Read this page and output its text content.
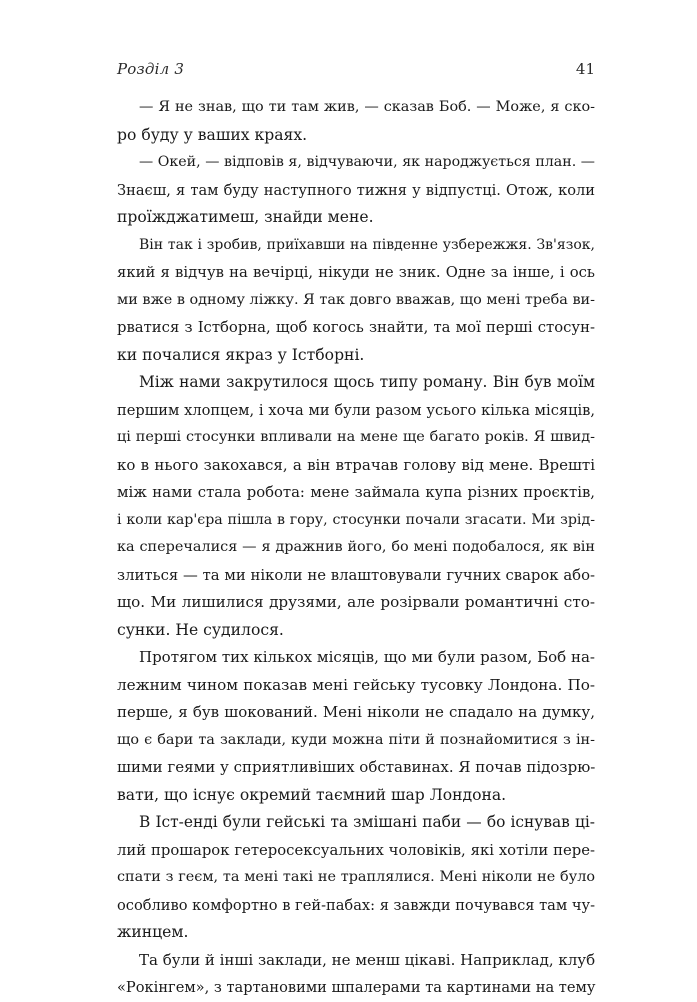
Розділ 3	41
— Я не знав, що ти там жив, — сказав Боб. — Може, я ско-
ро буду у ваших краях.
— Окей, — відповів я, відчуваючи, як народжується план. —
Знаєш, я там буду наступного тижня у відпустці. Отож, коли
проїжджатимеш, знайди мене.
Він так і зробив, приїхавши на південне узбережжя. Зв'язок,
який я відчув на вечірці, нікуди не зник. Одне за інше, і ось
ми вже в одному ліжку. Я так довго вважав, що мені треба ви-
рватися з Істборна, щоб когось знайти, та мої перші стосун-
ки почалися якраз у Істборні.
Між нами закрутилося щось типу роману. Він був моїм
першим хлопцем, і хоча ми були разом усього кілька місяців,
ці перші стосунки впливали на мене ще багато років. Я швид-
ко в нього закохався, а він втрачав голову від мене. Врешті
між нами стала робота: мене займала купа різних проєктів,
і коли кар'єра пішла в гору, стосунки почали згасати. Ми зрід-
ка сперечалися — я дражнив його, бо мені подобалося, як він
злиться — та ми ніколи не влаштовували гучних сварок або-
що. Ми лишилися друзями, але розірвали романтичні сто-
сунки. Не судилося.
Протягом тих кількох місяців, що ми були разом, Боб на-
лежним чином показав мені гейську тусовку Лондона. По-
перше, я був шокований. Мені ніколи не спадало на думку,
що є бари та заклади, куди можна піти й познайомитися з ін-
шими геями у сприятливіших обставинах. Я почав підозрю-
вати, що існує окремий таємний шар Лондона.
В Іст-енді були гейські та змішані паби — бо існував ці-
лий прошарок гетеросексуальних чоловіків, які хотіли пере-
спати з геєм, та мені такі не траплялися. Мені ніколи не було
особливо комфортно в гей-пабах: я завжди почувався там чу-
жинцем.
Та були й інші заклади, не менш цікаві. Наприклад, клуб
«Рокінгем», з тартановими шпалерами та картинами на тему
